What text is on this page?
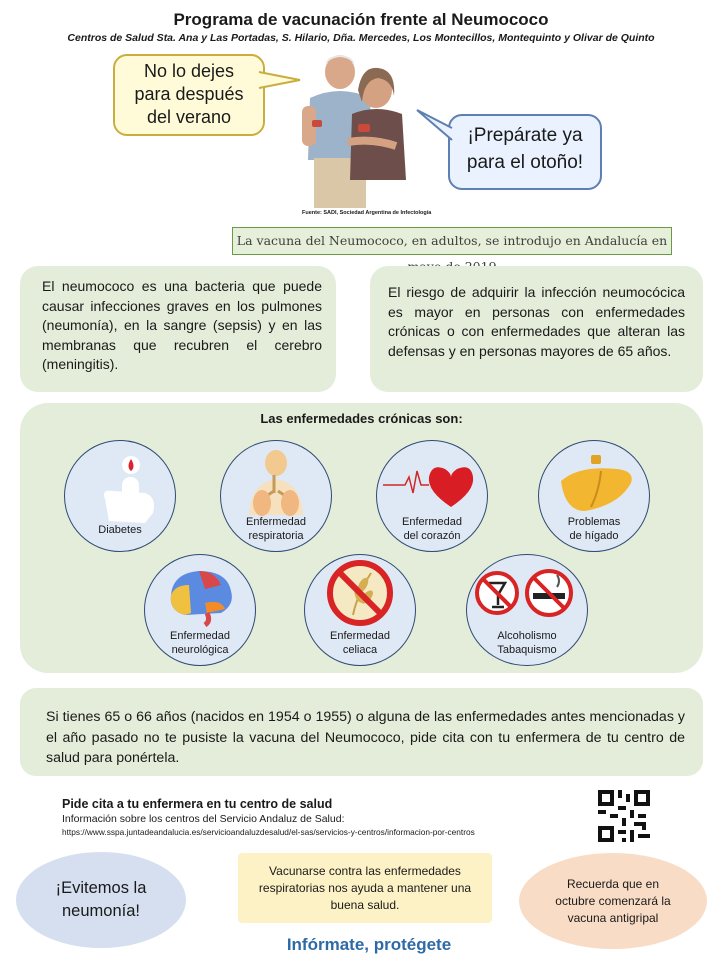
Programa de vacunación frente al Neumococo
Centros de Salud Sta. Ana y Las Portadas, S. Hilario, Dña. Mercedes, Los Montecillos, Montequinto y Olivar de Quinto
No lo dejes
para después
del verano
¡Prepárate ya
para el otoño!
Fuente: SADI, Sociedad Argentina de Infectología
La vacuna del Neumococo, en adultos, se introdujo en Andalucía en
El neumococo es una bacteria que puede causar infecciones graves en los pulmones (neumonía), en la sangre (sepsis) y en las membranas que recubren el cerebro (meningitis).
El riesgo de adquirir la infección neumocócica es mayor en personas con enfermedades crónicas o con enfermedades que alteran las defensas y en personas mayores de 65 años.
Las enfermedades crónicas son:
Diabetes
Enfermedad
respiratoria
Enfermedad
del corazón
Problemas
de hígado
Enfermedad
neurológica
Enfermedad
celiaca
Alcoholismo
Tabaquismo
Si tienes 65 o 66 años (nacidos en 1954 o 1955) o alguna de las enfermedades antes mencionadas y el año pasado no te pusiste la vacuna del Neumococo, pide cita con tu enfermera de tu centro de salud para ponértela.
Pide cita a tu enfermera en tu centro de salud
Información sobre los centros del Servicio Andaluz de Salud:
https://www.sspa.juntadeandalucia.es/servicioandaluzdesalud/el-sas/servicios-y-centros/informacion-por-centros
¡Evitemos la
neumonía!
Vacunarse contra las enfermedades respiratorias nos ayuda a mantener una buena salud.
Recuerda que en octubre comenzará la vacuna antigripal
Infórmate, protégete
